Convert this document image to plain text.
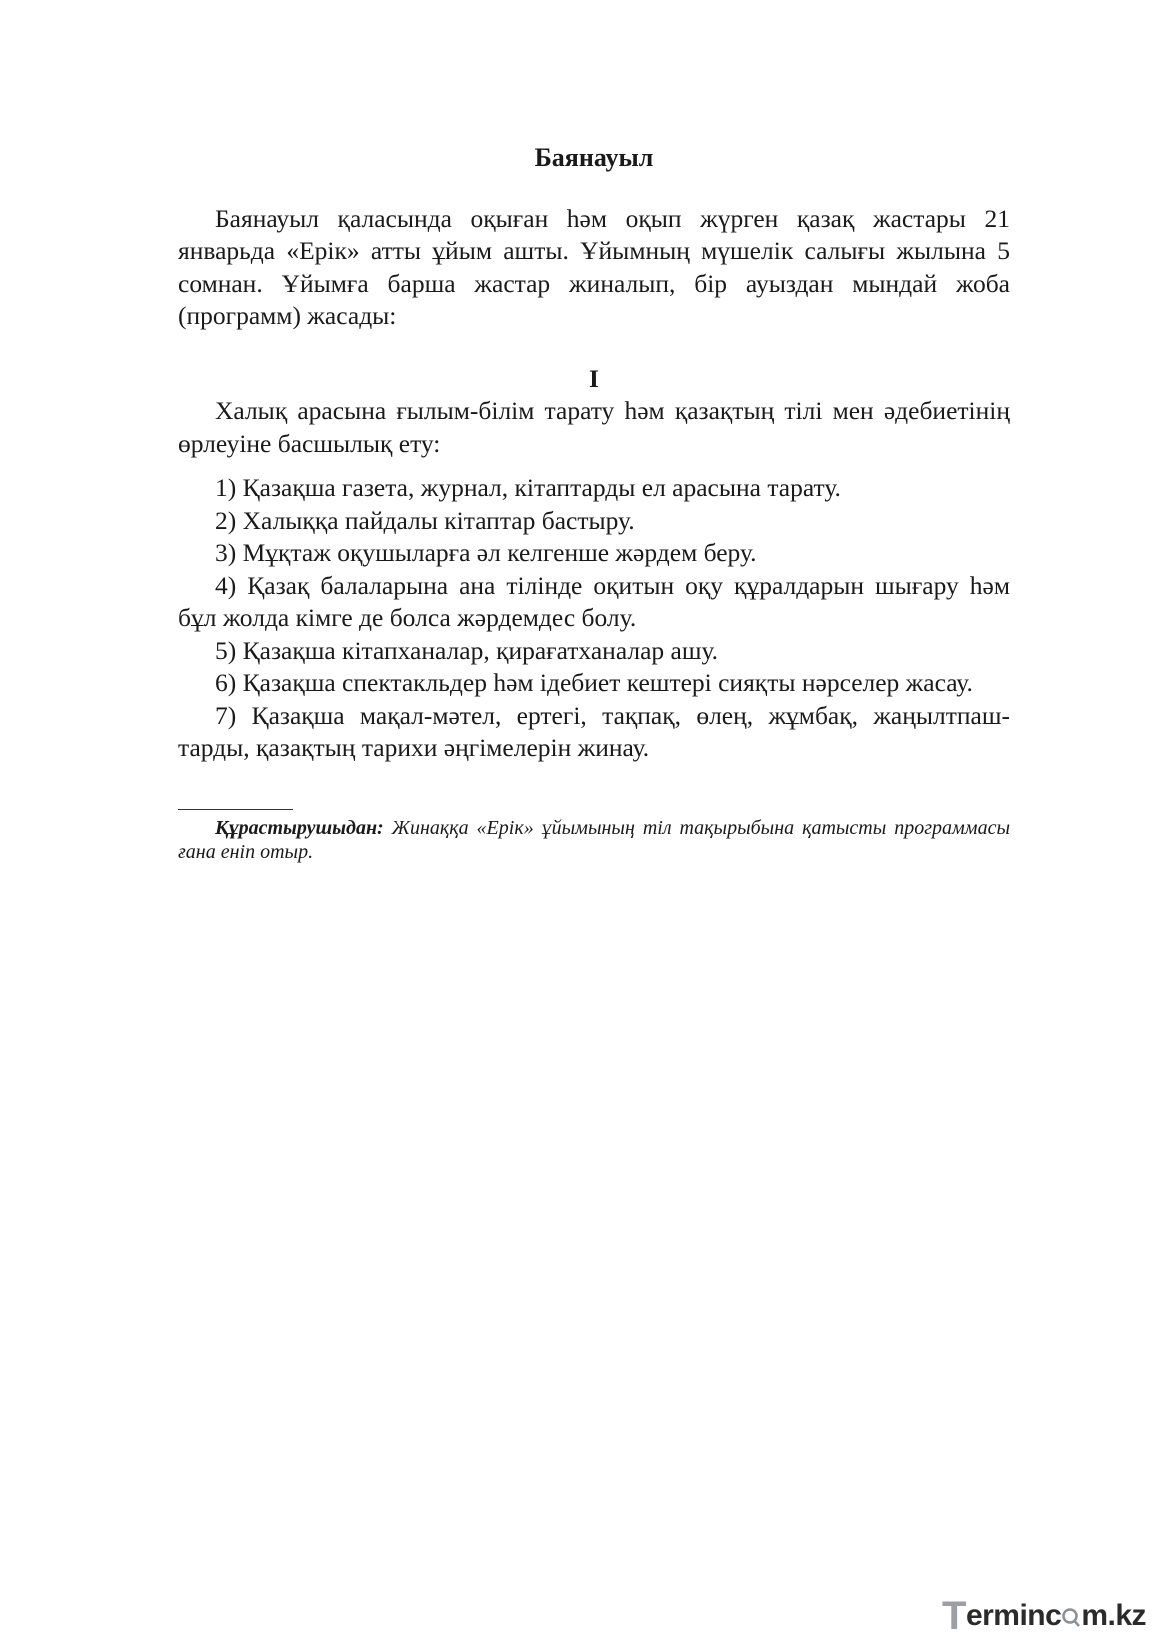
Баянауыл

Баянауыл қаласында оқыған һәм оқып жүрген қазақ жастары 21 январьда «Ерік» атты ұйым ашты. Ұйымның мүшелік салығы жылына 5 сомнан. Ұйымға барша жастар жиналып, бір ауыздан мындай жоба (программ) жасады:

I

Халық арасына ғылым-білім тарату һәм қазақтың тілі мен әдебиетінің өрлеуіне басшылық ету:

1) Қазақша газета, журнал, кітаптарды ел арасына тарату.

2) Халыққа пайдалы кітаптар бастыру.

3) Мұқтаж оқушыларға әл келгенше жәрдем беру.

4) Қазақ балаларына ана тілінде оқитын оқу құралдарын шығару һәм бұл жолда кімге де болса жәрдемдес болу.

5) Қазақша кітапханалар, қирағатханалар ашу.

6) Қазақша спектакльдер һәм ідебиет кештері сияқты нәрселер жасау.

7) Қазақша мақал-мәтел, ертегі, тақпақ, өлең, жұмбақ, жаңылтпаш-тарды, қазақтың тарихи әңгімелерін жинау.

Құрастырушыдан: Жинаққа «Ерік» ұйымының тіл тақырыбына қатысты программасы ғана еніп отыр.

Terminc m.kz
